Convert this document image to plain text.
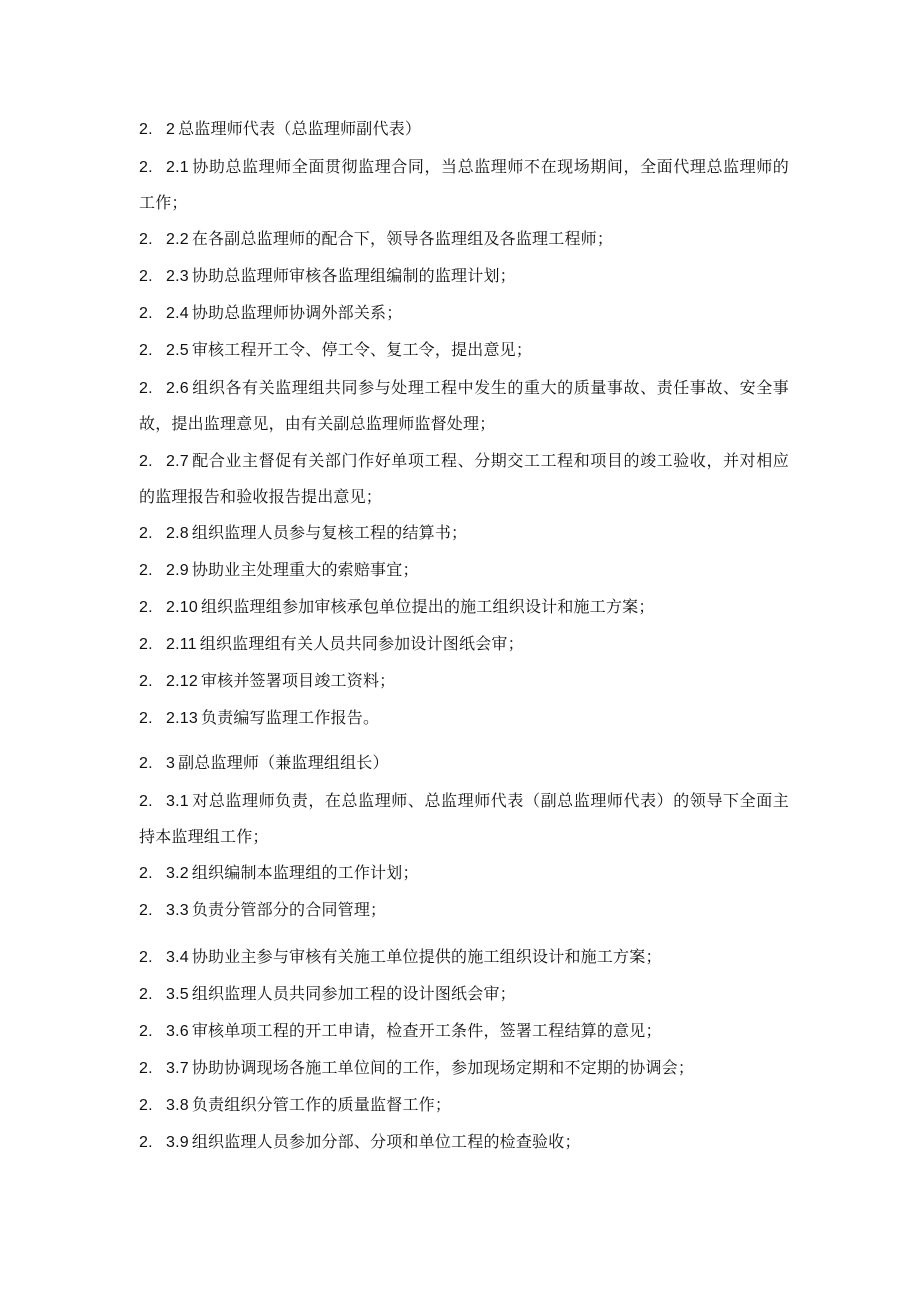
2. 2 总监理师代表（总监理师副代表）

2. 2.1 协助总监理师全面贯彻监理合同，当总监理师不在现场期间，全面代理总监理师的工作；

2. 2.2 在各副总监理师的配合下，领导各监理组及各监理工程师；

2. 2.3 协助总监理师审核各监理组编制的监理计划；

2. 2.4 协助总监理师协调外部关系；

2. 2.5 审核工程开工令、停工令、复工令，提出意见；

2. 2.6 组织各有关监理组共同参与处理工程中发生的重大的质量事故、责任事故、安全事故，提出监理意见，由有关副总监理师监督处理；

2. 2.7 配合业主督促有关部门作好单项工程、分期交工工程和项目的竣工验收，并对相应的监理报告和验收报告提出意见；

2. 2.8 组织监理人员参与复核工程的结算书；

2. 2.9 协助业主处理重大的索赔事宜；

2. 2.10 组织监理组参加审核承包单位提出的施工组织设计和施工方案；

2. 2.11 组织监理组有关人员共同参加设计图纸会审；

2. 2.12 审核并签署项目竣工资料；

2. 2.13 负责编写监理工作报告。

2. 3 副总监理师（兼监理组组长）

2. 3.1 对总监理师负责，在总监理师、总监理师代表（副总监理师代表）的领导下全面主持本监理组工作；

2. 3.2 组织编制本监理组的工作计划；

2. 3.3 负责分管部分的合同管理；

2. 3.4 协助业主参与审核有关施工单位提供的施工组织设计和施工方案；

2. 3.5 组织监理人员共同参加工程的设计图纸会审；

2. 3.6 审核单项工程的开工申请，检查开工条件，签署工程结算的意见；

2. 3.7 协助协调现场各施工单位间的工作，参加现场定期和不定期的协调会；

2. 3.8 负责组织分管工作的质量监督工作；

2. 3.9 组织监理人员参加分部、分项和单位工程的检查验收；
